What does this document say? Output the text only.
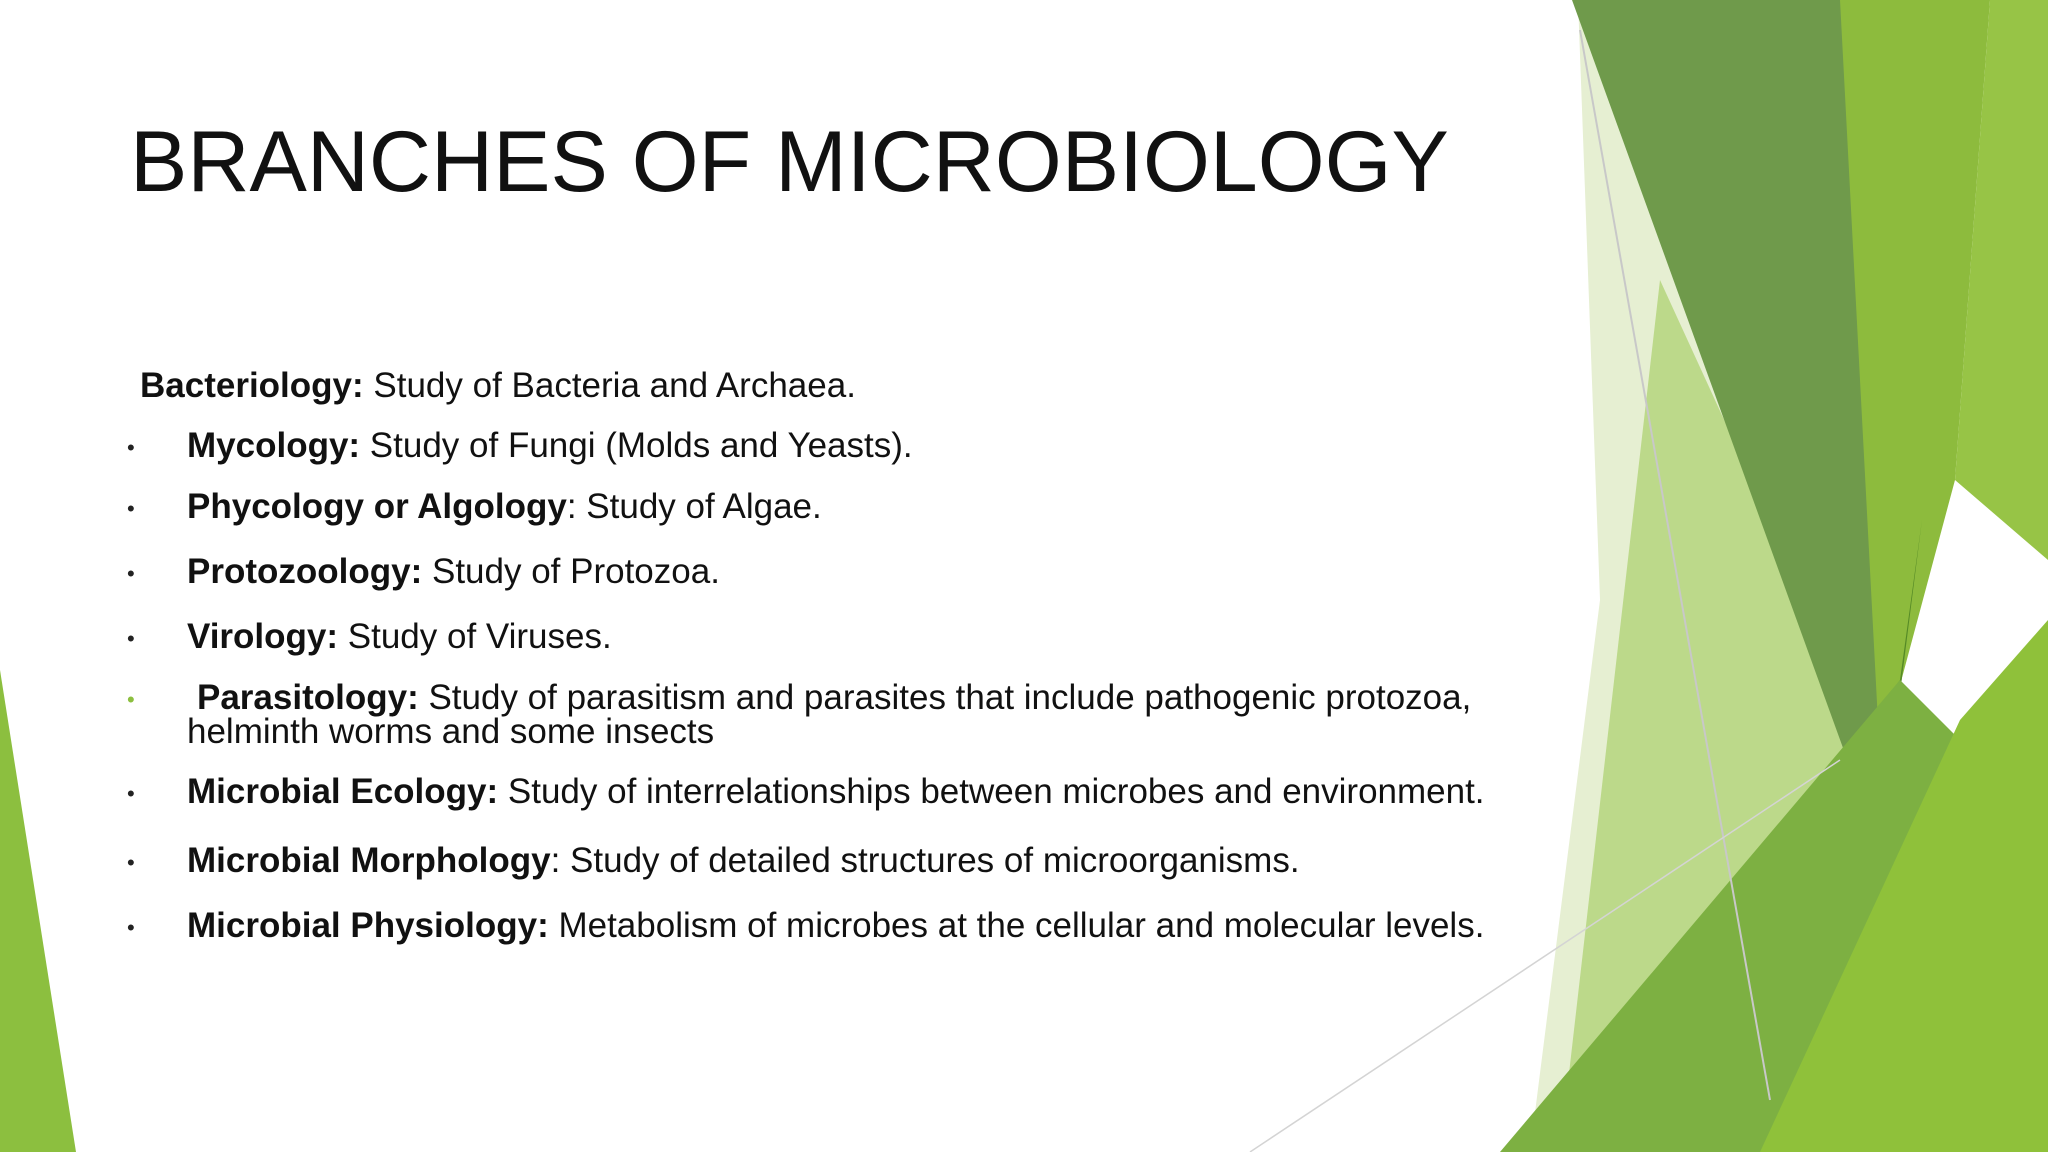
BRANCHES OF MICROBIOLOGY
Bacteriology: Study of Bacteria and Archaea.
• Mycology: Study of Fungi (Molds and Yeasts).
• Phycology or Algology: Study of Algae.
• Protozoology: Study of Protozoa.
• Virology: Study of Viruses.
• Parasitology: Study of parasitism and parasites that include pathogenic protozoa,
helminth worms and some insects
• Microbial Ecology: Study of interrelationships between microbes and environment.
• Microbial Morphology: Study of detailed structures of microorganisms.
• Microbial Physiology: Metabolism of microbes at the cellular and molecular levels.
